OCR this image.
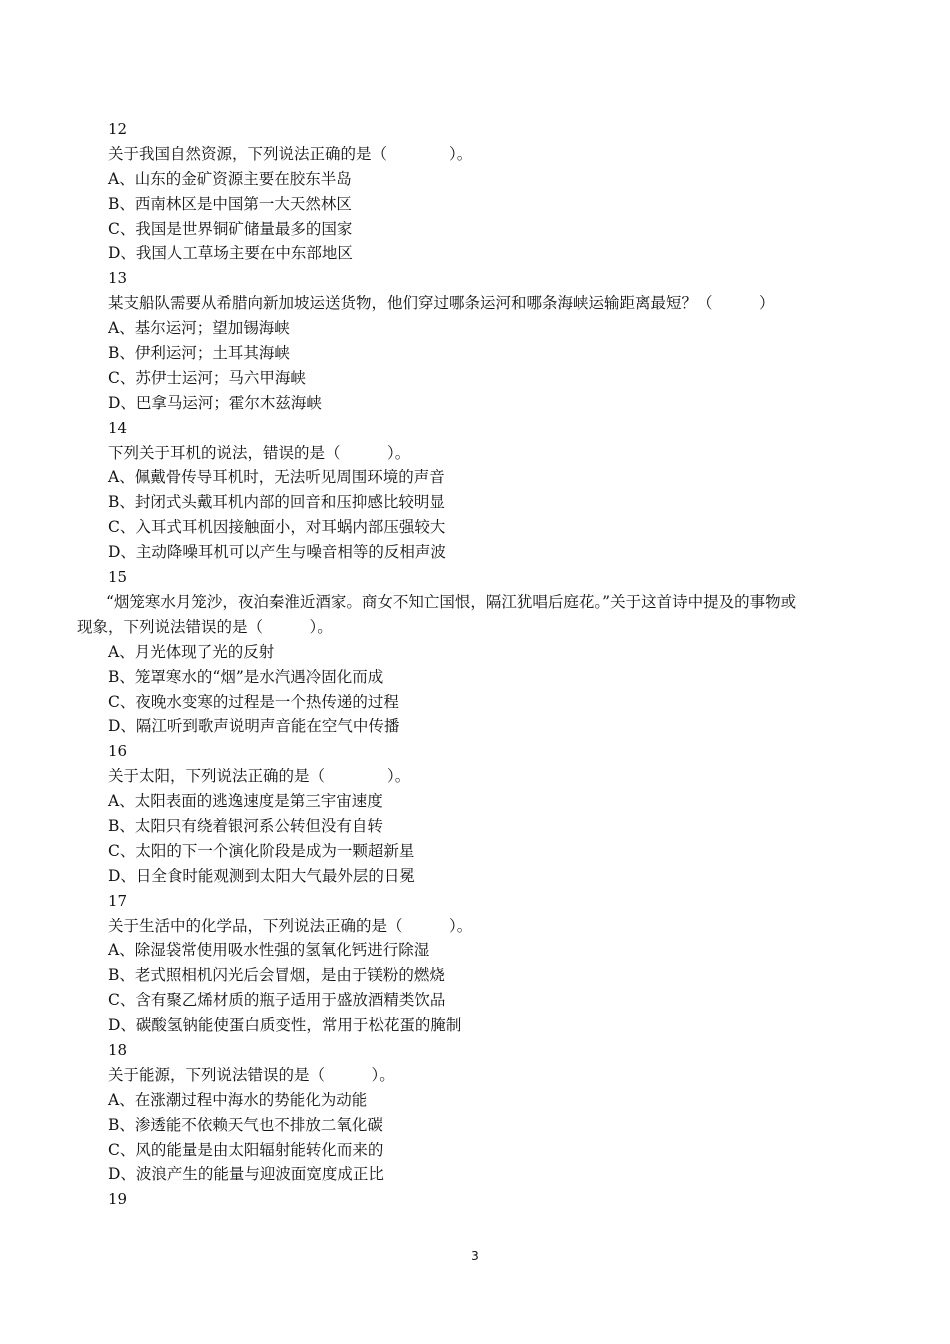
12
关于我国自然资源，下列说法正确的是（　　　　）。
A、山东的金矿资源主要在胶东半岛
B、西南林区是中国第一大天然林区
C、我国是世界铜矿储量最多的国家
D、我国人工草场主要在中东部地区
13
某支船队需要从希腊向新加坡运送货物，他们穿过哪条运河和哪条海峡运输距离最短？（　　　）
A、基尔运河；望加锡海峡
B、伊利运河；土耳其海峡
C、苏伊士运河；马六甲海峡
D、巴拿马运河；霍尔木兹海峡
14
下列关于耳机的说法，错误的是（　　　）。
A、佩戴骨传导耳机时，无法听见周围环境的声音
B、封闭式头戴耳机内部的回音和压抑感比较明显
C、入耳式耳机因接触面小，对耳蜗内部压强较大
D、主动降噪耳机可以产生与噪音相等的反相声波
15
“烟笼寒水月笼沙，夜泊秦淮近酒家。商女不知亡国恨，隔江犹唱后庭花。”关于这首诗中提及的事物或
现象，下列说法错误的是（　　　）。
A、月光体现了光的反射
B、笼罩寒水的“烟”是水汽遇冷固化而成
C、夜晚水变寒的过程是一个热传递的过程
D、隔江听到歌声说明声音能在空气中传播
16
关于太阳，下列说法正确的是（　　　　）。
A、太阳表面的逃逸速度是第三宇宙速度
B、太阳只有绕着银河系公转但没有自转
C、太阳的下一个演化阶段是成为一颗超新星
D、日全食时能观测到太阳大气最外层的日冕
17
关于生活中的化学品，下列说法正确的是（　　　）。
A、除湿袋常使用吸水性强的氢氧化钙进行除湿
B、老式照相机闪光后会冒烟，是由于镁粉的燃烧
C、含有聚乙烯材质的瓶子适用于盛放酒精类饮品
D、碳酸氢钠能使蛋白质变性，常用于松花蛋的腌制
18
关于能源，下列说法错误的是（　　　）。
A、在涨潮过程中海水的势能化为动能
B、渗透能不依赖天气也不排放二氧化碳
C、风的能量是由太阳辐射能转化而来的
D、波浪产生的能量与迎波面宽度成正比
19
3
